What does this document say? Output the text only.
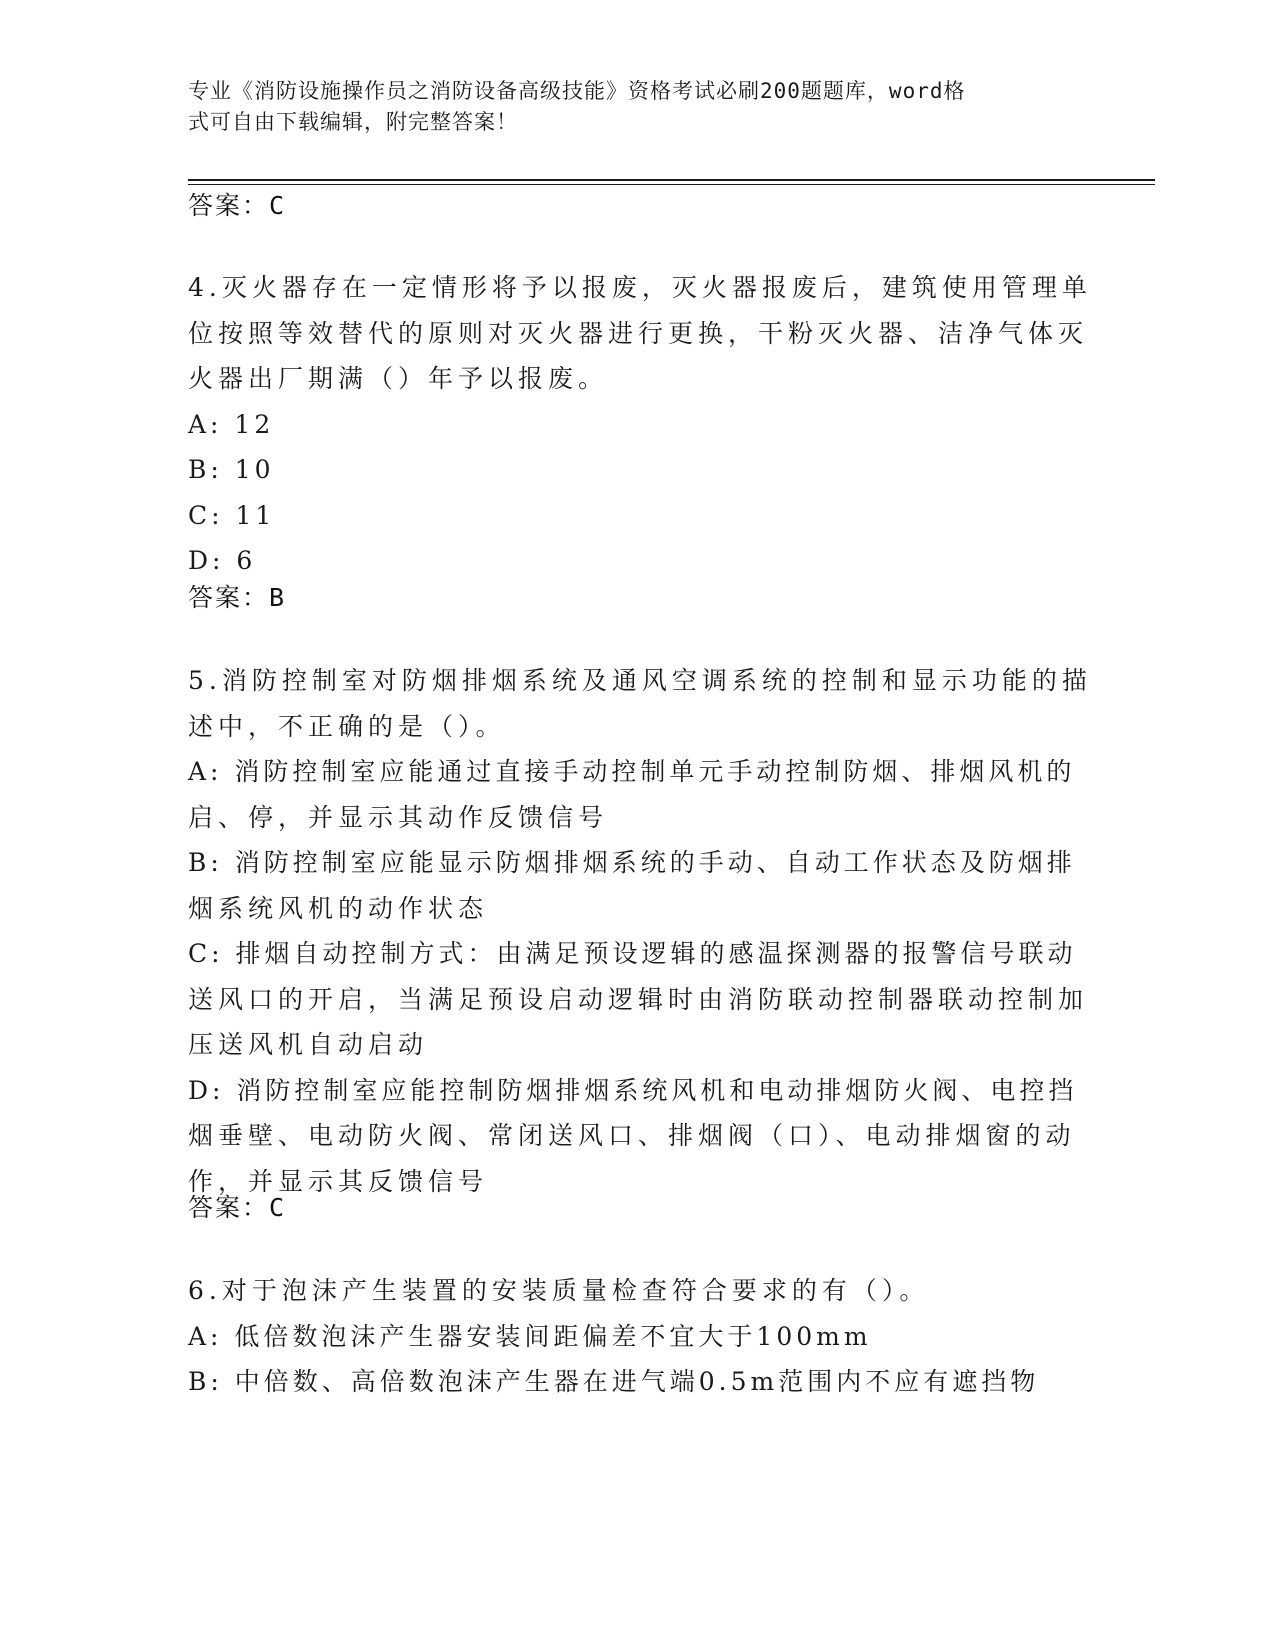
专业《消防设施操作员之消防设备高级技能》资格考试必刷200题题库，word格
式可自由下载编辑，附完整答案！
答案：C
4.灭火器存在一定情形将予以报废，灭火器报废后，建筑使用管理单
位按照等效替代的原则对灭火器进行更换，干粉灭火器、洁净气体灭
火器出厂期满（）年予以报废。
A: 12
B: 10
C: 11
D: 6
答案：B
5.消防控制室对防烟排烟系统及通风空调系统的控制和显示功能的描
述中，不正确的是（）。
A: 消防控制室应能通过直接手动控制单元手动控制防烟、排烟风机的
启、停，并显示其动作反馈信号
B: 消防控制室应能显示防烟排烟系统的手动、自动工作状态及防烟排
烟系统风机的动作状态
C: 排烟自动控制方式：由满足预设逻辑的感温探测器的报警信号联动
送风口的开启，当满足预设启动逻辑时由消防联动控制器联动控制加
压送风机自动启动
D: 消防控制室应能控制防烟排烟系统风机和电动排烟防火阀、电控挡
烟垂壁、电动防火阀、常闭送风口、排烟阀（口）、电动排烟窗的动
作，并显示其反馈信号
答案：C
6.对于泡沫产生装置的安装质量检查符合要求的有（）。
A: 低倍数泡沫产生器安装间距偏差不宜大于100mm
B: 中倍数、高倍数泡沫产生器在进气端0.5m范围内不应有遮挡物
